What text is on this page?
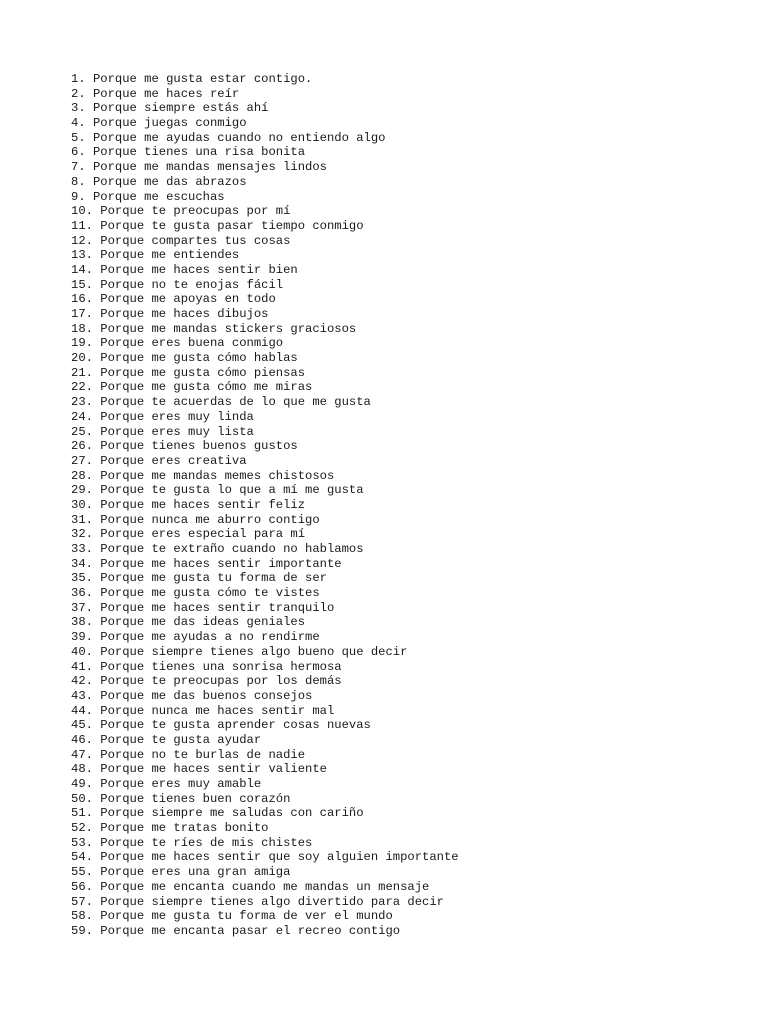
1. Porque me gusta estar contigo.
2. Porque me haces reír
3. Porque siempre estás ahí
4. Porque juegas conmigo
5. Porque me ayudas cuando no entiendo algo
6. Porque tienes una risa bonita
7. Porque me mandas mensajes lindos
8. Porque me das abrazos
9. Porque me escuchas
10. Porque te preocupas por mí
11. Porque te gusta pasar tiempo conmigo
12. Porque compartes tus cosas
13. Porque me entiendes
14. Porque me haces sentir bien
15. Porque no te enojas fácil
16. Porque me apoyas en todo
17. Porque me haces dibujos
18. Porque me mandas stickers graciosos
19. Porque eres buena conmigo
20. Porque me gusta cómo hablas
21. Porque me gusta cómo piensas
22. Porque me gusta cómo me miras
23. Porque te acuerdas de lo que me gusta
24. Porque eres muy linda
25. Porque eres muy lista
26. Porque tienes buenos gustos
27. Porque eres creativa
28. Porque me mandas memes chistosos
29. Porque te gusta lo que a mí me gusta
30. Porque me haces sentir feliz
31. Porque nunca me aburro contigo
32. Porque eres especial para mí
33. Porque te extraño cuando no hablamos
34. Porque me haces sentir importante
35. Porque me gusta tu forma de ser
36. Porque me gusta cómo te vistes
37. Porque me haces sentir tranquilo
38. Porque me das ideas geniales
39. Porque me ayudas a no rendirme
40. Porque siempre tienes algo bueno que decir
41. Porque tienes una sonrisa hermosa
42. Porque te preocupas por los demás
43. Porque me das buenos consejos
44. Porque nunca me haces sentir mal
45. Porque te gusta aprender cosas nuevas
46. Porque te gusta ayudar
47. Porque no te burlas de nadie
48. Porque me haces sentir valiente
49. Porque eres muy amable
50. Porque tienes buen corazón
51. Porque siempre me saludas con cariño
52. Porque me tratas bonito
53. Porque te ríes de mis chistes
54. Porque me haces sentir que soy alguien importante
55. Porque eres una gran amiga
56. Porque me encanta cuando me mandas un mensaje
57. Porque siempre tienes algo divertido para decir
58. Porque me gusta tu forma de ver el mundo
59. Porque me encanta pasar el recreo contigo
